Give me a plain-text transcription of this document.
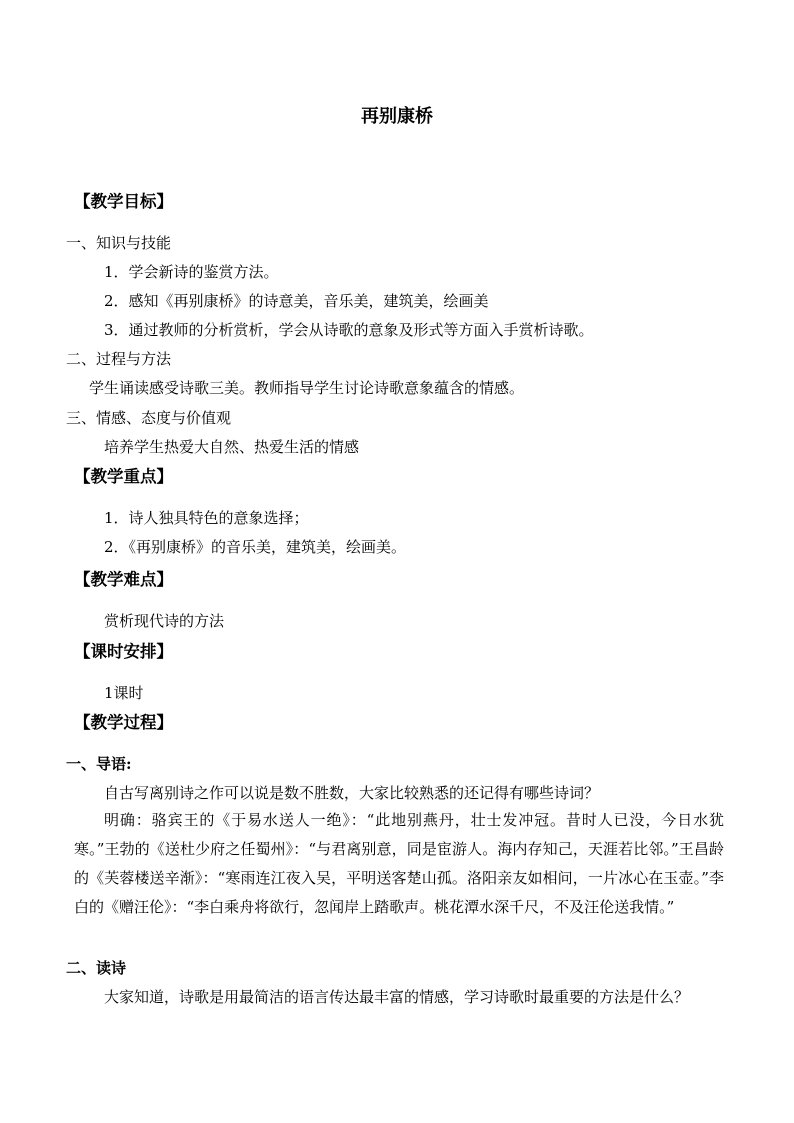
再别康桥
【教学目标】
一、知识与技能
1．学会新诗的鉴赏方法。
2．感知《再别康桥》的诗意美，音乐美，建筑美，绘画美
3．通过教师的分析赏析，学会从诗歌的意象及形式等方面入手赏析诗歌。
二、过程与方法
学生诵读感受诗歌三美。教师指导学生讨论诗歌意象蕴含的情感。
三、情感、态度与价值观
培养学生热爱大自然、热爱生活的情感
【教学重点】
1．诗人独具特色的意象选择；
2．《再别康桥》的音乐美，建筑美，绘画美。
【教学难点】
赏析现代诗的方法
【课时安排】
1课时
【教学过程】
一、导语:
自古写离别诗之作可以说是数不胜数，大家比较熟悉的还记得有哪些诗词？
明确：骆宾王的《于易水送人一绝》：“此地别燕丹，壮士发冲冠。昔时人已没，今日水犹寒。”王勃的《送杜少府之任蜀州》：“与君离别意，同是宦游人。海内存知己，天涯若比邻。”王昌龄的《芙蓉楼送辛渐》：“寒雨连江夜入吴，平明送客楚山孤。洛阳亲友如相问，一片冰心在玉壶。”李白的《赠汪伦》：“李白乘舟将欲行，忽闻岸上踏歌声。桃花潭水深千尺，不及汪伦送我情。”
二、读诗
大家知道，诗歌是用最简洁的语言传达最丰富的情感，学习诗歌时最重要的方法是什么？
